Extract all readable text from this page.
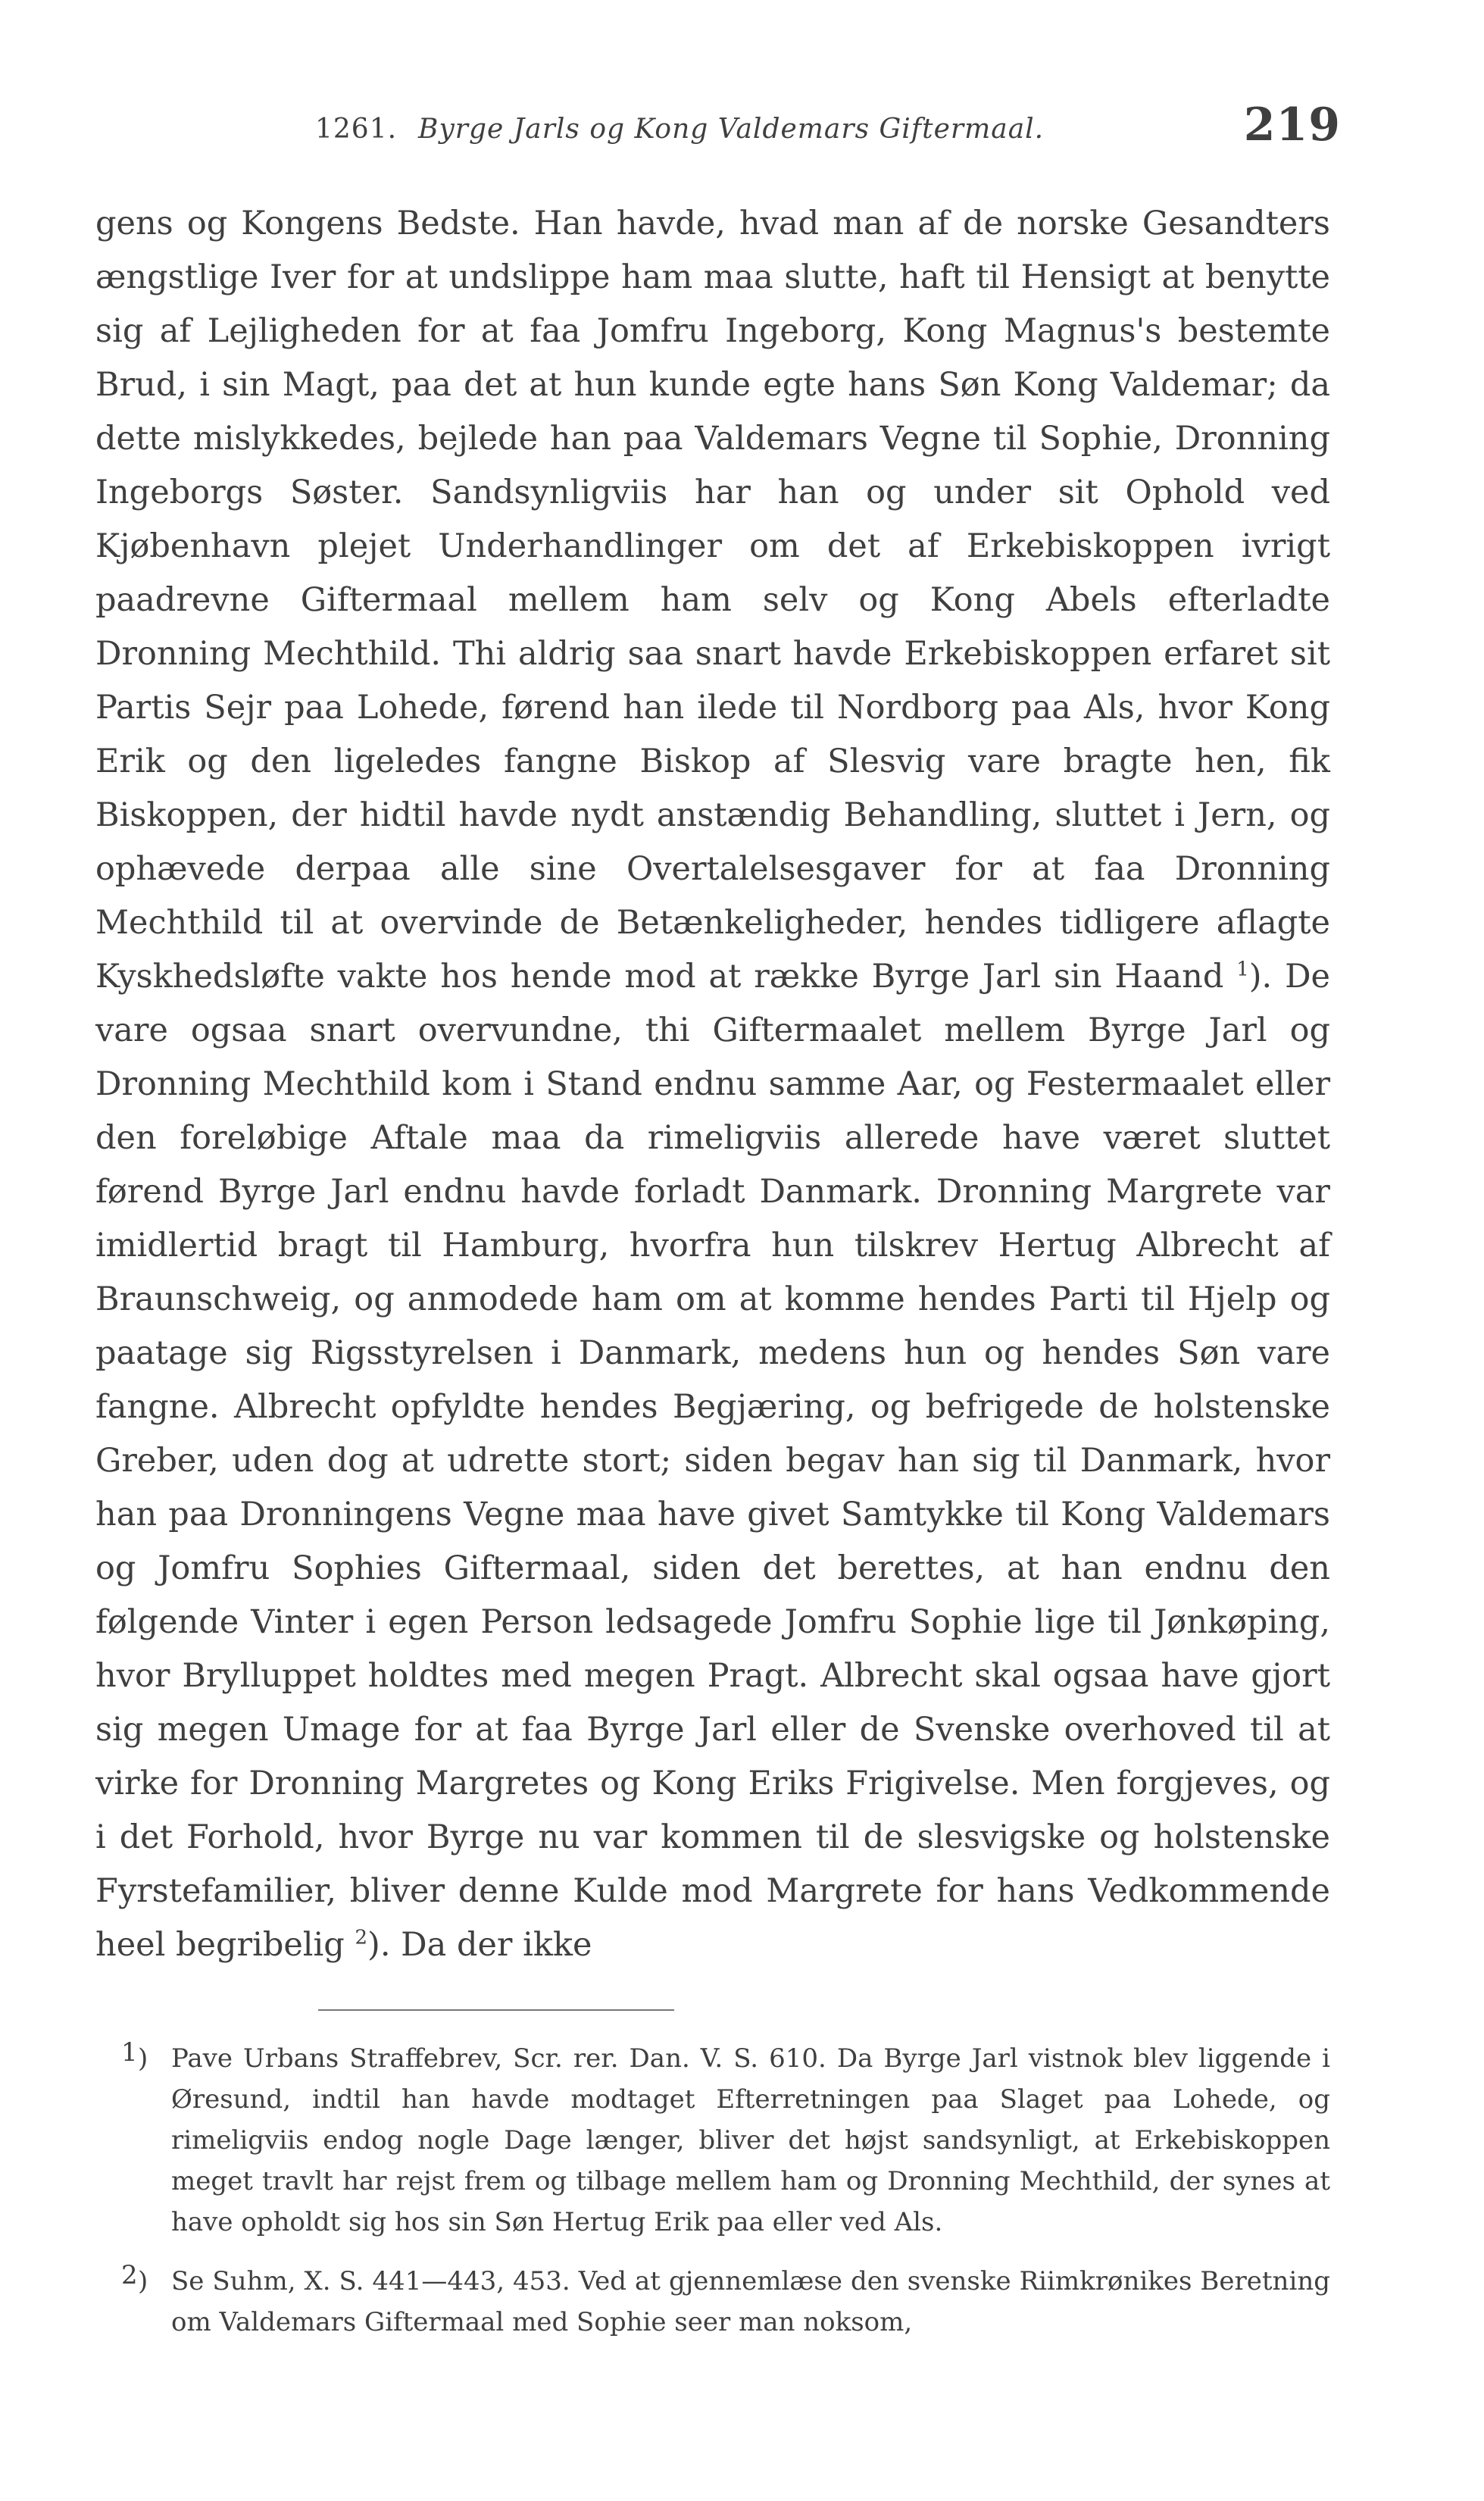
1261. Byrge Jarls og Kong Valdemars Giftermaal.	219

gens og Kongens Bedste. Han havde, hvad man af de norske Gesandters ængstlige Iver for at undslippe ham maa slutte, haft til Hensigt at benytte sig af Lejligheden for at faa Jomfru Ingeborg, Kong Magnus's bestemte Brud, i sin Magt, paa det at hun kunde egte hans Søn Kong Valdemar; da dette mislykkedes, bejlede han paa Valdemars Vegne til Sophie, Dronning Ingeborgs Søster. Sandsynligviis har han og under sit Ophold ved Kjøbenhavn plejet Underhandlinger om det af Erkebiskoppen ivrigt paadrevne Giftermaal mellem ham selv og Kong Abels efterladte Dronning Mechthild. Thi aldrig saa snart havde Erkebiskoppen erfaret sit Partis Sejr paa Lohede, førend han ilede til Nordborg paa Als, hvor Kong Erik og den ligeledes fangne Biskop af Slesvig vare bragte hen, fik Biskoppen, der hidtil havde nydt anstændig Behandling, sluttet i Jern, og ophævede derpaa alle sine Overtalelsesgaver for at faa Dronning Mechthild til at overvinde de Betænkeligheder, hendes tidligere aflagte Kyskhedsløfte vakte hos hende mod at række Byrge Jarl sin Haand $^1$). De vare ogsaa snart overvundne, thi Giftermaalet mellem Byrge Jarl og Dronning Mechthild kom i Stand endnu samme Aar, og Festermaalet eller den foreløbige Aftale maa da rimeligviis allerede have været sluttet førend Byrge Jarl endnu havde forladt Danmark. Dronning Margrete var imidlertid bragt til Hamburg, hvorfra hun tilskrev Hertug Albrecht af Braunschweig, og anmodede ham om at komme hendes Parti til Hjelp og paatage sig Rigsstyrelsen i Danmark, medens hun og hendes Søn vare fangne. Albrecht opfyldte hendes Begjæring, og befrigede de holstenske Greber, uden dog at udrette stort; siden begav han sig til Danmark, hvor han paa Dronningens Vegne maa have givet Samtykke til Kong Valdemars og Jomfru Sophies Giftermaal, siden det berettes, at han endnu den følgende Vinter i egen Person ledsagede Jomfru Sophie lige til Jønkøping, hvor Brylluppet holdtes med megen Pragt. Albrecht skal ogsaa have gjort sig megen Umage for at faa Byrge Jarl eller de Svenske overhoved til at virke for Dronning Margretes og Kong Eriks Frigivelse. Men forgjeves, og i det Forhold, hvor Byrge nu var kommen til de slesvigske og holstenske Fyrstefamilier, bliver denne Kulde mod Margrete for hans Vedkommende heel begribelig $^2$). Da der ikke

1 ) Pave Urbans Straffebrev, Scr. rer. Dan. V. S. 610. Da Byrge Jarl vistnok blev liggende i Øresund, indtil han havde modtaget Efterretningen paa Slaget paa Lohede, og rimeligviis endog nogle Dage længer, bliver det højst sandsynligt, at Erkebiskoppen meget travlt har rejst frem og tilbage mellem ham og Dronning Mechthild, der synes at have opholdt sig hos sin Søn Hertug Erik paa eller ved Als.
2 ) Se Suhm, X. S. 441—443, 453. Ved at gjennemlæse den svenske Riimkrønikes Beretning om Valdemars Giftermaal med Sophie seer man noksom,
